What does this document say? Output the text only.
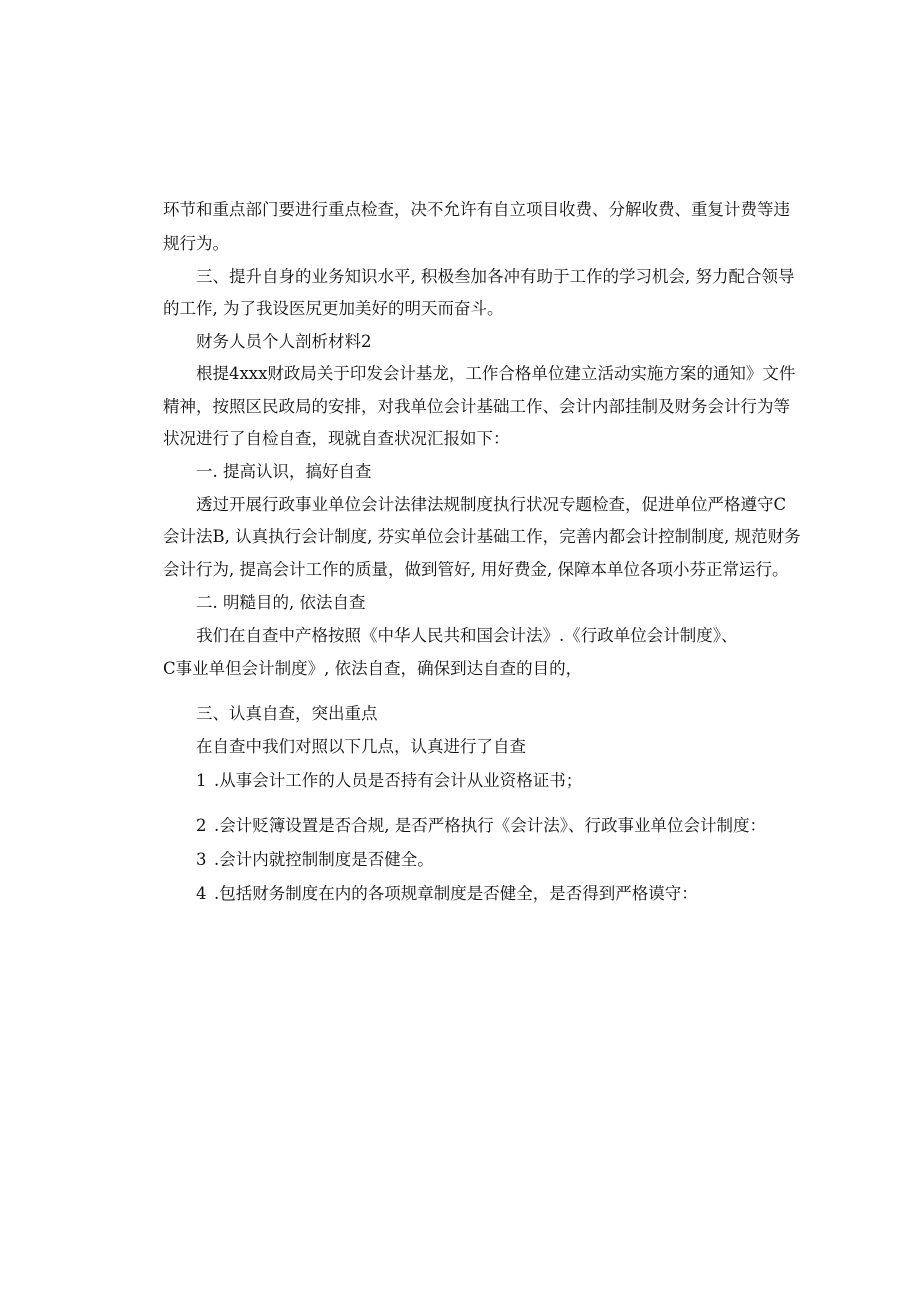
环节和重点部门要进行重点检查，决不允许有自立项目收费、分解收费、重复计费等违
规行为。
三、提升自身的业务知识水平, 积极叁加各冲有助于工作的学习机会, 努力配合领导
的工作, 为了我设医尻更加美好的明天而奋斗。
财务人员个人剖析材料2
根提4xxx财政局关于印发会计基龙，工作合格单位建立活动实施方案的通知》文件
精神，按照区民政局的安排，对我单位会计基础工作、会计内部挂制及财务会计行为等
状况进行了自检自查，现就自查状况汇报如下：
一. 提高认识，搞好自查
透过开展行政事业单位会计法律法规制度执行状况专题检查，促进单位严格遵守C
会计法B, 认真执行会计制度, 芬实单位会计基础工作，完善内都会计控制制度, 规范财务
会计行为, 提高会计工作的质量，做到管好, 用好费金, 保障本单位各项小芬正常运行。
二. 明糙目的, 依法自查
我们在自查中产格按照《中华人民共和国会计法》.《行政单位会计制度》、
C事业单但会计制度》, 依法自查，确保到达自查的目的，
三、认真自查，突出重点
在自查中我们对照以下几点，认真进行了自查
1 .从事会计工作的人员是否持有会计从业资格证书；
2 .会计贬簿设置是否合规, 是否严格执行《会计法》、行政事业单位会计制度：
3 .会计内就控制制度是否健全。
4 .包括财务制度在内的各项规章制度是否健全，是否得到严格谟守：
